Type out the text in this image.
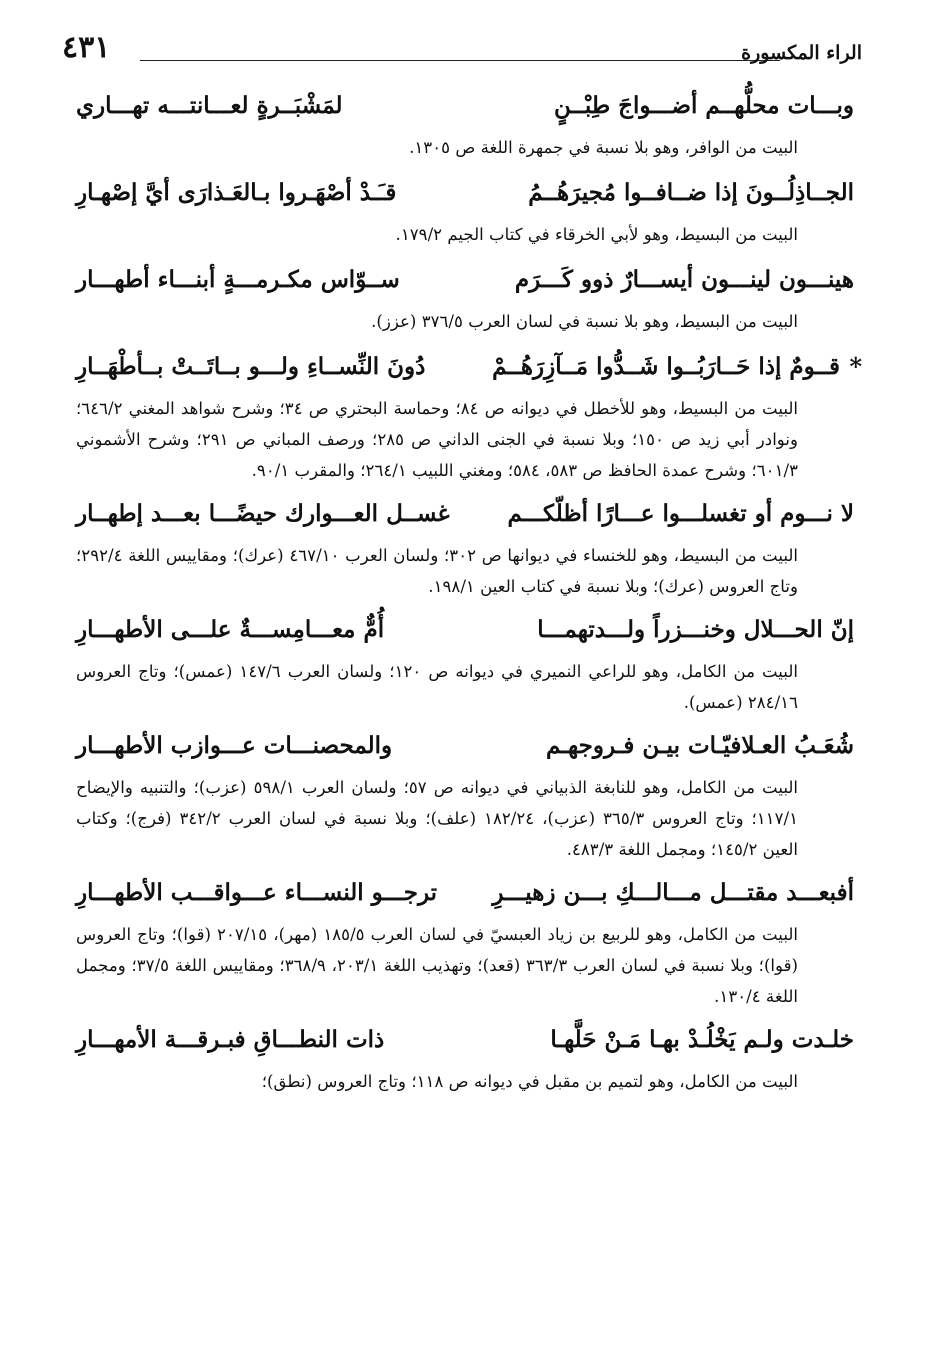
٤٣١	الراء المكسورة
وبـــات محلُّهــم أضـــواجَ طِبْــنٍ
لمَشْبَــرةٍ لعـــانتـــه تهـــاري
البيت من الوافر، وهو بلا نسبة في جمهرة اللغة ص ١٣٠٥.
الجــاذِلُــونَ إذا ضــافــوا مُجيرَهُــمُ
قـَـدْ أصْهَـروا بـالعَـذارَى أيَّ إصْهـارِ
البيت من البسيط، وهو لأبي الخرقاء في كتاب الجيم ١٧٩/٢.
هينـــون لينـــون أيســـارٌ ذوو كَـــرَم
ســوّاس مكـرمـــةٍ أبنـــاء أطهـــار
البيت من البسيط، وهو بلا نسبة في لسان العرب ٣٧٦/٥ (عزز).
*
قــومٌ إذا حَــارَبُــوا شَــدُّوا مَــآزِرَهُــمْ
دُونَ النِّســاءِ ولـــو بــاتَــتْ بــأطْهَــارِ
البيت من البسيط، وهو للأخطل في ديوانه ص ٨٤؛ وحماسة البحتري ص ٣٤؛ وشرح شواهد المغني ٦٤٦/٢؛ ونوادر أبي زيد ص ١٥٠؛ وبلا نسبة في الجنى الداني ص ٢٨٥؛ ورصف المباني ص ٢٩١؛ وشرح الأشموني ٦٠١/٣؛ وشرح عمدة الحافظ ص ٥٨٣، ٥٨٤؛ ومغني اللبيب ٢٦٤/١؛ والمقرب ٩٠/١.
لا نـــوم أو تغسلـــوا عـــارًا أظلّكـــم
غســل العـــوارك حيضًـــا بعـــد إطهــار
البيت من البسيط، وهو للخنساء في ديوانها ص ٣٠٢؛ ولسان العرب ٤٦٧/١٠ (عرك)؛ ومقاييس اللغة ٢٩٢/٤؛ وتاج العروس (عرك)؛ وبلا نسبة في كتاب العين ١٩٨/١.
إنّ الحـــلال وخنـــزراً ولـــدتهمـــا
أُمٌّ معـــامِســـةٌ علـــى الأطهـــارِ
البيت من الكامل، وهو للراعي النميري في ديوانه ص ١٢٠؛ ولسان العرب ١٤٧/٦ (عمس)؛ وتاج العروس ٢٨٤/١٦ (عمس).
شُعَـبُ العـلافيّـات بيـن فـروجهـم
والمحصنـــات عـــوازب الأطهـــار
البيت من الكامل، وهو للنابغة الذبياني في ديوانه ص ٥٧؛ ولسان العرب ٥٩٨/١ (عزب)؛ والتنبيه والإيضاح ١١٧/١؛ وتاج العروس ٣٦٥/٣ (عزب)، ١٨٢/٢٤ (علف)؛ وبلا نسبة في لسان العرب ٣٤٢/٢ (فرج)؛ وكتاب العين ١٤٥/٢؛ ومجمل اللغة ٤٨٣/٣.
أفبعـــد مقتـــل مـــالـــكِ بـــن زهيـــرِ
ترجـــو النســـاء عـــواقـــب الأطهـــارِ
البيت من الكامل، وهو للربيع بن زياد العبسيّ في لسان العرب ١٨٥/٥ (مهر)، ٢٠٧/١٥ (قوا)؛ وتاج العروس (قوا)؛ وبلا نسبة في لسان العرب ٣٦٣/٣ (قعد)؛ وتهذيب اللغة ٢٠٣/١، ٣٦٨/٩؛ ومقاييس اللغة ٣٧/٥؛ ومجمل اللغة ١٣٠/٤.
خلـدت ولـم يَخْلُـدْ بهـا مَـنْ حَلَّهـا
ذات النطـــاقِ فبـرقـــة الأمهـــارِ
البيت من الكامل، وهو لتميم بن مقبل في ديوانه ص ١١٨؛ وتاج العروس (نطق)؛
